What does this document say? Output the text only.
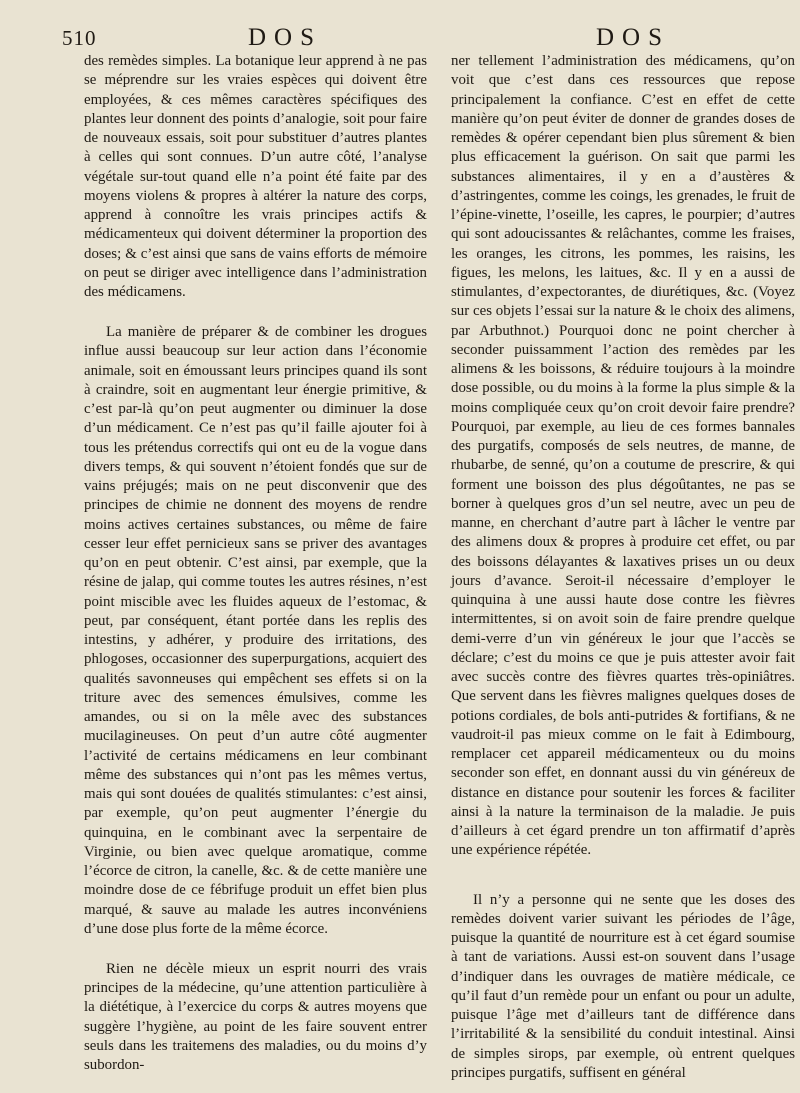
510	DOS	DOS

des remèdes simples. La botanique leur apprend à ne pas se méprendre sur les vraies espèces qui doivent être employées, & ces mêmes caractères spécifiques des plantes leur donnent des points d’analogie, soit pour faire de nouveaux essais, soit pour substituer d’autres plantes à celles qui sont connues. D’un autre côté, l’analyse végétale sur-tout quand elle n’a point été faite par des moyens violens & propres à altérer la nature des corps, apprend à connoître les vrais principes actifs & médicamenteux qui doivent déterminer la proportion des doses; & c’est ainsi que sans de vains efforts de mémoire on peut se diriger avec intelligence dans l’administration des médicamens.

La manière de préparer & de combiner les drogues influe aussi beaucoup sur leur action dans l’économie animale, soit en émoussant leurs principes quand ils sont à craindre, soit en augmentant leur énergie primitive, & c’est par-là qu’on peut augmenter ou diminuer la dose d’un médicament. Ce n’est pas qu’il faille ajouter foi à tous les prétendus correctifs qui ont eu de la vogue dans divers temps, & qui souvent n’étoient fondés que sur de vains préjugés; mais on ne peut disconvenir que des principes de chimie ne donnent des moyens de rendre moins actives certaines substances, ou même de faire cesser leur effet pernicieux sans se priver des avantages qu’on en peut obtenir. C’est ainsi, par exemple, que la résine de jalap, qui comme toutes les autres résines, n’est point miscible avec les fluides aqueux de l’estomac, & peut, par conséquent, étant portée dans les replis des intestins, y adhérer, y produire des irritations, des phlogoses, occasionner des superpurgations, acquiert des qualités savonneuses qui empêchent ses effets si on la triture avec des semences émulsives, comme les amandes, ou si on la mêle avec des substances mucilagineuses. On peut d’un autre côté augmenter l’activité de certains médicamens en leur combinant même des substances qui n’ont pas les mêmes vertus, mais qui sont douées de qualités stimulantes: c’est ainsi, par exemple, qu’on peut augmenter l’énergie du quinquina, en le combinant avec la serpentaire de Virginie, ou bien avec quelque aromatique, comme l’écorce de citron, la canelle, &c. & de cette manière une moindre dose de ce fébrifuge produit un effet bien plus marqué, & sauve au malade les autres inconvéniens d’une dose plus forte de la même écorce.

Rien ne décèle mieux un esprit nourri des vrais principes de la médecine, qu’une attention particulière à la diététique, à l’exercice du corps & autres moyens que suggère l’hygiène, au point de les faire souvent entrer seuls dans les traitemens des maladies, ou du moins d’y subordon-

ner tellement l’administration des médicamens, qu’on voit que c’est dans ces ressources que repose principalement la confiance. C’est en effet de cette manière qu’on peut éviter de donner de grandes doses de remèdes & opérer cependant bien plus sûrement & bien plus efficacement la guérison. On sait que parmi les substances alimentaires, il y en a d’austères & d’astringentes, comme les coings, les grenades, le fruit de l’épine-vinette, l’oseille, les capres, le pourpier; d’autres qui sont adoucissantes & relâchantes, comme les fraises, les oranges, les citrons, les pommes, les raisins, les figues, les melons, les laitues, &c. Il y en a aussi de stimulantes, d’expectorantes, de diurétiques, &c. (Voyez sur ces objets l’essai sur la nature & le choix des alimens, par Arbuthnot.) Pourquoi donc ne point chercher à seconder puissamment l’action des remèdes par les alimens & les boissons, & réduire toujours à la moindre dose possible, ou du moins à la forme la plus simple & la moins compliquée ceux qu’on croit devoir faire prendre? Pourquoi, par exemple, au lieu de ces formes bannales des purgatifs, composés de sels neutres, de manne, de rhubarbe, de senné, qu’on a coutume de prescrire, & qui forment une boisson des plus dégoûtantes, ne pas se borner à quelques gros d’un sel neutre, avec un peu de manne, en cherchant d’autre part à lâcher le ventre par des alimens doux & propres à produire cet effet, ou par des boissons délayantes & laxatives prises un ou deux jours d’avance. Seroit-il nécessaire d’employer le quinquina à une aussi haute dose contre les fièvres intermittentes, si on avoit soin de faire prendre quelque demi-verre d’un vin généreux le jour que l’accès se déclare; c’est du moins ce que je puis attester avoir fait avec succès contre des fièvres quartes très-opiniâtres. Que servent dans les fièvres malignes quelques doses de potions cordiales, de bols anti-putrides & fortifians, & ne vaudroit-il pas mieux comme on le fait à Edimbourg, remplacer cet appareil médicamenteux ou du moins seconder son effet, en donnant aussi du vin généreux de distance en distance pour soutenir les forces & faciliter ainsi à la nature la terminaison de la maladie. Je puis d’ailleurs à cet égard prendre un ton affirmatif d’après une expérience répétée.

Il n’y a personne qui ne sente que les doses des remèdes doivent varier suivant les périodes de l’âge, puisque la quantité de nourriture est à cet égard soumise à tant de variations. Aussi est-on souvent dans l’usage d’indiquer dans les ouvrages de matière médicale, ce qu’il faut d’un remède pour un enfant ou pour un adulte, puisque l’âge met d’ailleurs tant de différence dans l’irritabilité & la sensibilité du conduit intestinal. Ainsi de simples sirops, par exemple, où entrent quelques principes purgatifs, suffisent en général
